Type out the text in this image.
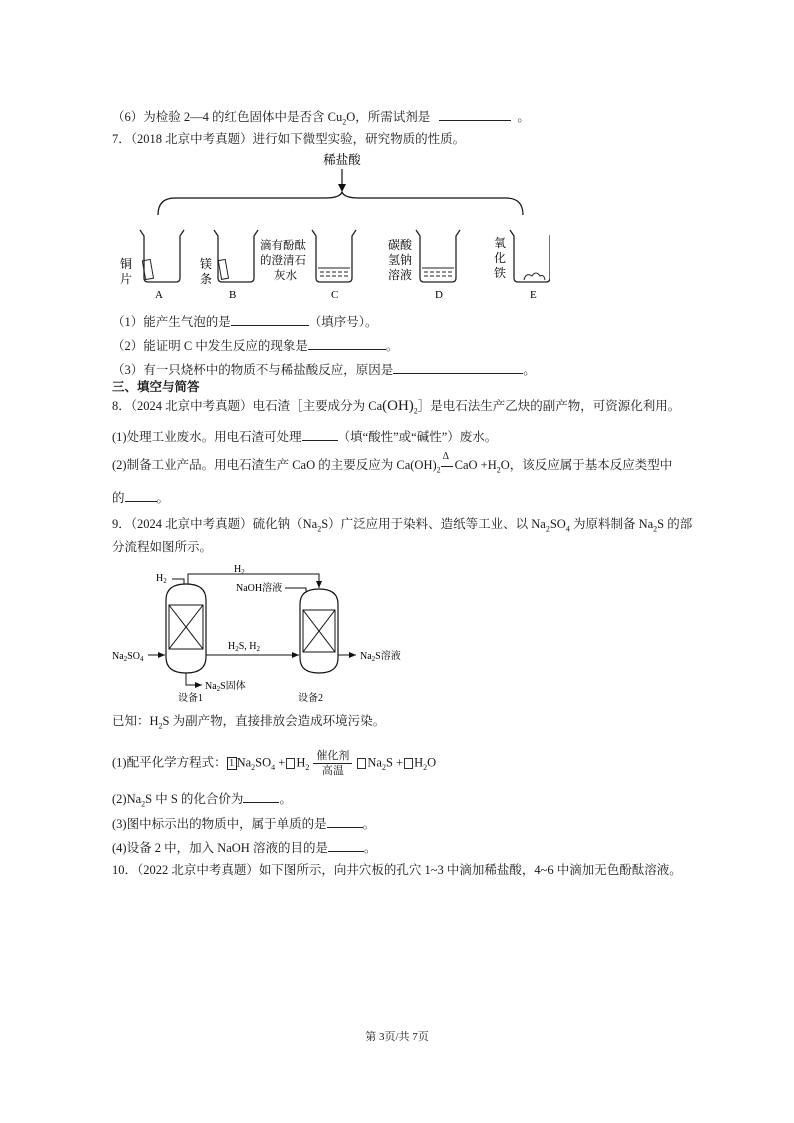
（6）为检验 2—4 的红色固体中是否含 $Cu_2O$，所需试剂是	。
7．（2018 北京中考真题）进行如下微型实验，研究物质的性质。
稀盐酸
铜
片
A
镁
条
B
滴有酚酞
的澄清石
灰水
C
碳酸
氢钠
溶液
D
氧
化
铁
E
（1）能产生气泡的是	（填序号）。
（2）能证明 C 中发生反应的现象是	。
（3）有一只烧杯中的物质不与稀盐酸反应，原因是	。
三、填空与简答
8．（2024 北京中考真题）电石渣［主要成分为 $Ca(OH)_2]$是电石法生产乙炔的副产物，可资源化利用。
(1)处理工业废水。用电石渣可处理	（填“酸性”或“碱性”）废水。
(2)制备工业产品。用电石渣生产 CaO 的主要反应为 $Ca(OH)_2$
Δ
CaO $+H_2O$，该反应属于基本反应类型中
的	。
9．（2024 北京中考真题）硫化钠$(Na_2S)$广泛应用于染料、造纸等工业、以 $Na_2SO_4$ 为原料制备 $Na_2S$ 的部
分流程如图所示。
$H_2$
$H_2$
NaOH溶液
$Na_2SO_4$
$H_2S$, $H_2$
$Na_2S$溶液
$Na_2S$固体
设备1	设备2
已知：$H_2S$ 为副产物，直接排放会造成环境污染。
(1)配平化学方程式： 1 $Na_2SO_4 + H_2 \frac{\text{催化剂}}{\text{高温}} Na_2S + H_2O$
$(2)Na_2S$ 中 S 的化合价为	。
(3)图中标示出的物质中，属于单质的是	。
(4)设备 2 中，加入 NaOH 溶液的目的是	。
10．（2022 北京中考真题）如下图所示，向井穴板的孔穴 1~3 中滴加稀盐酸，4~6 中滴加无色酚酞溶液。
第 3页/共 7页
